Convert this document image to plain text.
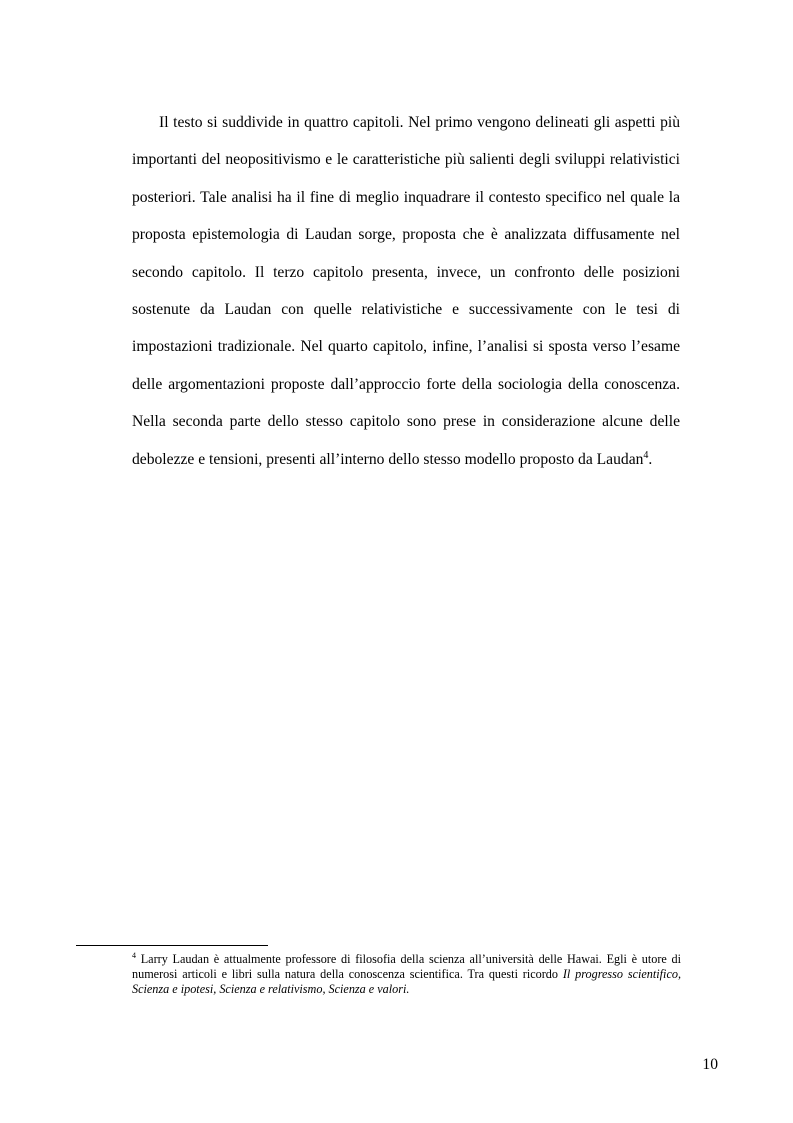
Il testo si suddivide in quattro capitoli. Nel primo vengono delineati gli aspetti più importanti del neopositivismo e le caratteristiche più salienti degli sviluppi relativistici posteriori. Tale analisi ha il fine di meglio inquadrare il contesto specifico nel quale la proposta epistemologia di Laudan sorge, proposta che è analizzata diffusamente nel secondo capitolo. Il terzo capitolo presenta, invece, un confronto delle posizioni sostenute da Laudan con quelle relativistiche e successivamente con le tesi di impostazioni tradizionale. Nel quarto capitolo, infine, l’analisi si sposta verso l’esame delle argomentazioni proposte dall’approccio forte della sociologia della conoscenza. Nella seconda parte dello stesso capitolo sono prese in considerazione alcune delle debolezze e tensioni, presenti all’interno dello stesso modello proposto da Laudan$^4$.

$^4$ Larry Laudan è attualmente professore di filosofia della scienza all’università delle Hawai. Egli è utore di numerosi articoli e libri sulla natura della conoscenza scientifica. Tra questi ricordo Il progresso scientifico, Scienza e ipotesi, Scienza e relativismo, Scienza e valori.

10
